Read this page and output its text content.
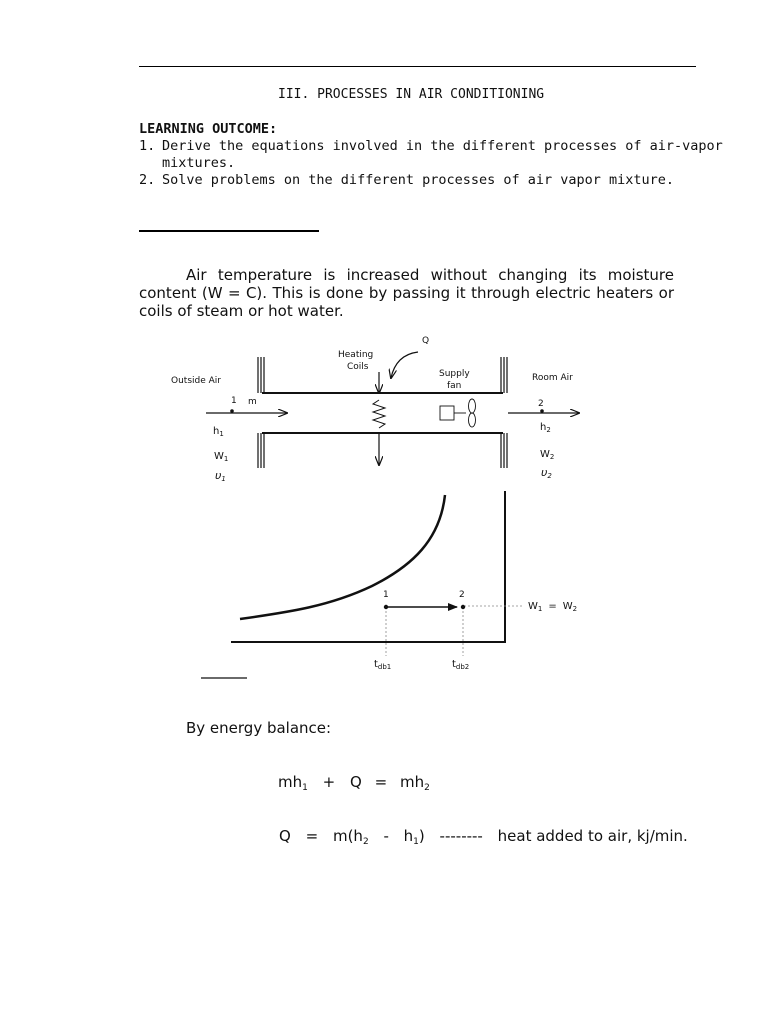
III. PROCESSES IN AIR CONDITIONING
LEARNING OUTCOME:
1. Derive the equations involved in the different processes of air-vapor
mixtures.
2. Solve problems on the different processes of air vapor mixture.
Air temperature is increased without changing its moisture
content (W = C). This is done by passing it through electric heaters or
coils of steam or hot water.
Q
Heating
Coils
Supply
fan
Outside Air	Room Air
1 m	2
$h_1$
$W_1$
υ1
$h_2$
$W_2$
υ2
1	2
$W_1 = W_2$
$t_{db1}$	$t_{db2}$
By energy balance:
$mh_1 + Q = mh_2$
$Q = m(h_2 - h_1)$ -------- heat added to air, kj/min.
